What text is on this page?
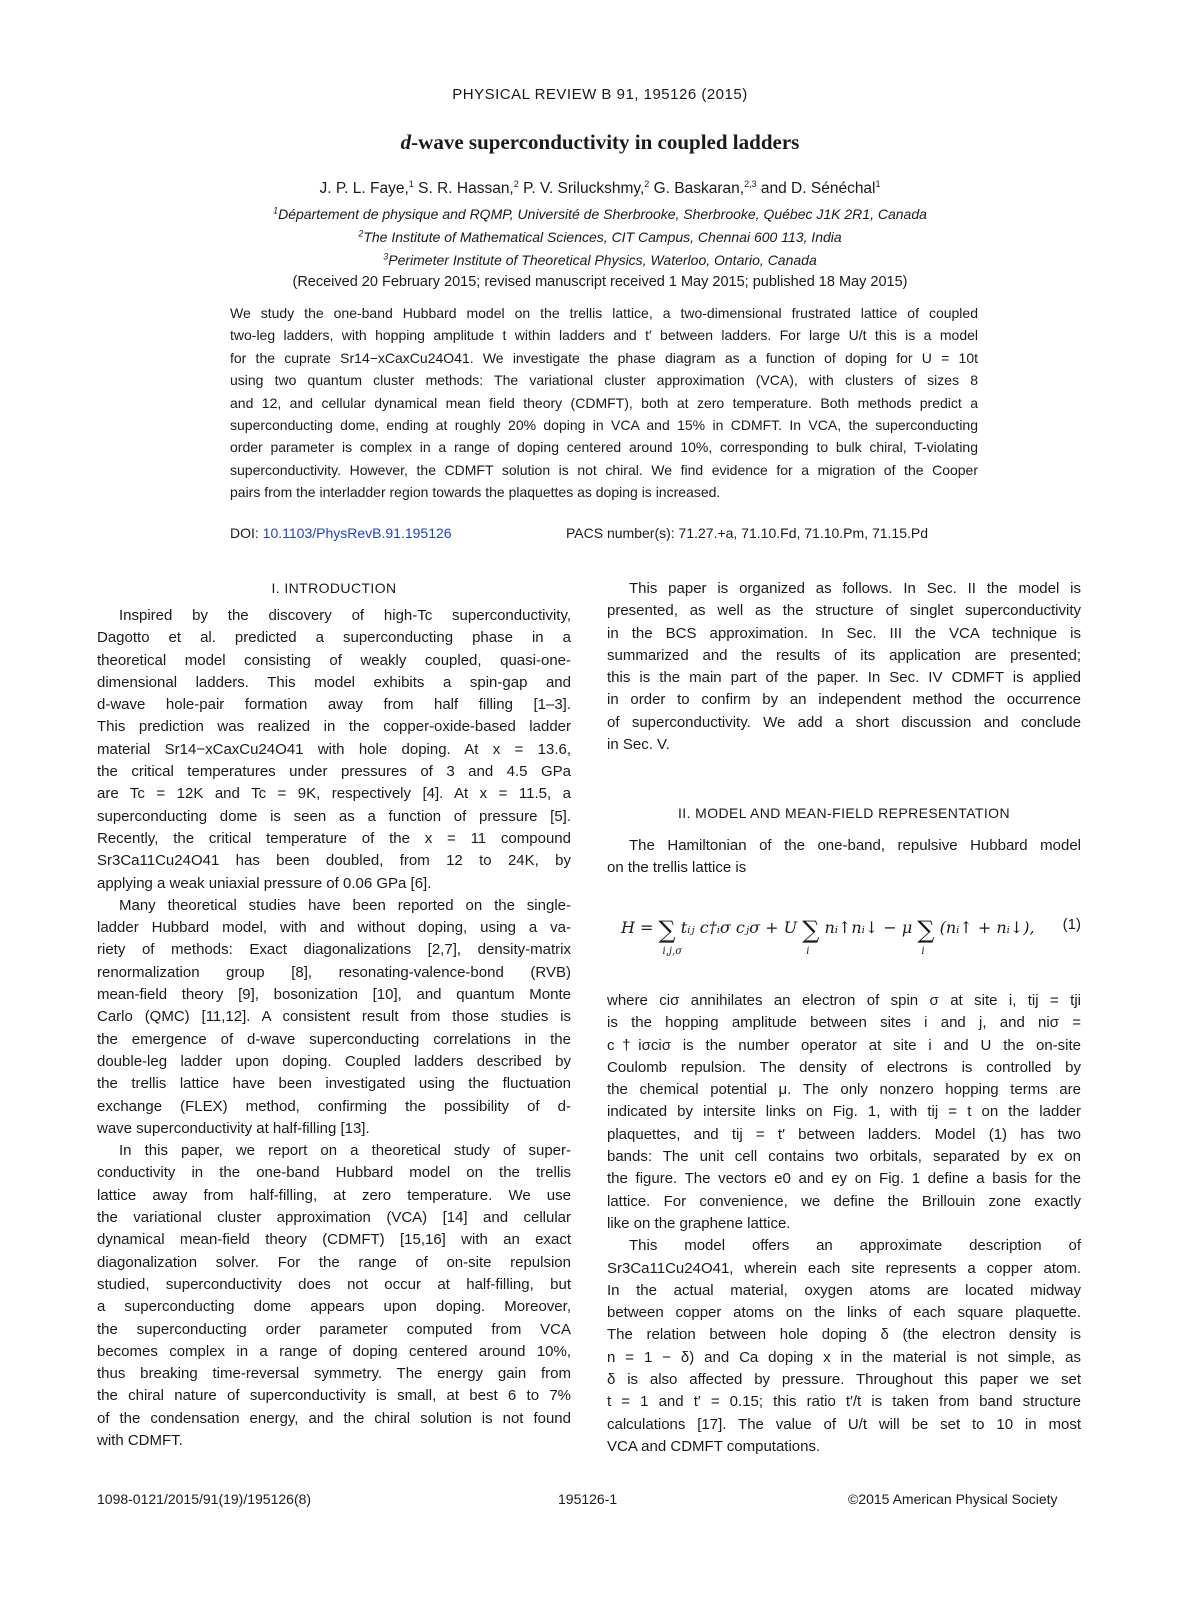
PHYSICAL REVIEW B 91, 195126 (2015)
d-wave superconductivity in coupled ladders
J. P. L. Faye,$^1$ S. R. Hassan,$^2$ P. V. Sriluckshmy,$^2$ G. Baskaran,$^{2,3}$ and D. Sénéchal$^1$
$^1$Département de physique and RQMP, Université de Sherbrooke, Sherbrooke, Québec J1K 2R1, Canada
$^2$The Institute of Mathematical Sciences, CIT Campus, Chennai 600 113, India
$^3$Perimeter Institute of Theoretical Physics, Waterloo, Ontario, Canada
(Received 20 February 2015; revised manuscript received 1 May 2015; published 18 May 2015)
We study the one-band Hubbard model on the trellis lattice, a two-dimensional frustrated lattice of coupled
two-leg ladders, with hopping amplitude t within ladders and t′ between ladders. For large U/t this is a model
for the cuprate Sr14−xCaxCu24O41. We investigate the phase diagram as a function of doping for U = 10t
using two quantum cluster methods: The variational cluster approximation (VCA), with clusters of sizes 8
and 12, and cellular dynamical mean field theory (CDMFT), both at zero temperature. Both methods predict a
superconducting dome, ending at roughly 20% doping in VCA and 15% in CDMFT. In VCA, the superconducting
order parameter is complex in a range of doping centered around 10%, corresponding to bulk chiral, T-violating
superconductivity. However, the CDMFT solution is not chiral. We find evidence for a migration of the Cooper
pairs from the interladder region towards the plaquettes as doping is increased.
DOI: 10.1103/PhysRevB.91.195126	PACS number(s): 71.27.+a, 71.10.Fd, 71.10.Pm, 71.15.Pd
I. INTRODUCTION
II. MODEL AND MEAN-FIELD REPRESENTATION
Inspired by the discovery of high-Tc superconductivity,
Dagotto et al. predicted a superconducting phase in a
theoretical model consisting of weakly coupled, quasi-one-
dimensional ladders. This model exhibits a spin-gap and
d-wave hole-pair formation away from half filling [1–3].
This prediction was realized in the copper-oxide-based ladder
material Sr14−xCaxCu24O41 with hole doping. At x = 13.6,
the critical temperatures under pressures of 3 and 4.5 GPa
are Tc = 12K and Tc = 9K, respectively [4]. At x = 11.5, a
superconducting dome is seen as a function of pressure [5].
Recently, the critical temperature of the x = 11 compound
Sr3Ca11Cu24O41 has been doubled, from 12 to 24K, by
applying a weak uniaxial pressure of 0.06 GPa [6].
Many theoretical studies have been reported on the single-
ladder Hubbard model, with and without doping, using a va-
riety of methods: Exact diagonalizations [2,7], density-matrix
renormalization group [8], resonating-valence-bond (RVB)
mean-field theory [9], bosonization [10], and quantum Monte
Carlo (QMC) [11,12]. A consistent result from those studies is
the emergence of d-wave superconducting correlations in the
double-leg ladder upon doping. Coupled ladders described by
the trellis lattice have been investigated using the fluctuation
exchange (FLEX) method, confirming the possibility of d-
wave superconductivity at half-filling [13].
In this paper, we report on a theoretical study of super-
conductivity in the one-band Hubbard model on the trellis
lattice away from half-filling, at zero temperature. We use
the variational cluster approximation (VCA) [14] and cellular
dynamical mean-field theory (CDMFT) [15,16] with an exact
diagonalization solver. For the range of on-site repulsion
studied, superconductivity does not occur at half-filling, but
a superconducting dome appears upon doping. Moreover,
the superconducting order parameter computed from VCA
becomes complex in a range of doping centered around 10%,
thus breaking time-reversal symmetry. The energy gain from
the chiral nature of superconductivity is small, at best 6 to 7%
of the condensation energy, and the chiral solution is not found
with CDMFT.
This paper is organized as follows. In Sec. II the model is
presented, as well as the structure of singlet superconductivity
in the BCS approximation. In Sec. III the VCA technique is
summarized and the results of its application are presented;
this is the main part of the paper. In Sec. IV CDMFT is applied
in order to confirm by an independent method the occurrence
of superconductivity. We add a short discussion and conclude
in Sec. V.
The Hamiltonian of the one-band, repulsive Hubbard model
on the trellis lattice is
H = ∑
i,j,σ
tᵢⱼ c†ᵢσ cⱼσ + U ∑
i
nᵢ↑nᵢ↓ − μ ∑
i
(nᵢ↑ + nᵢ↓), (1)
where ciσ annihilates an electron of spin σ at site i, tij = tji
is the hopping amplitude between sites i and j, and niσ =
c†iσciσ is the number operator at site i and U the on-site
Coulomb repulsion. The density of electrons is controlled by
the chemical potential μ. The only nonzero hopping terms are
indicated by intersite links on Fig. 1, with tij = t on the ladder
plaquettes, and tij = t′ between ladders. Model (1) has two
bands: The unit cell contains two orbitals, separated by ex on
the figure. The vectors e0 and ey on Fig. 1 define a basis for the
lattice. For convenience, we define the Brillouin zone exactly
like on the graphene lattice.
This model offers an approximate description of
Sr3Ca11Cu24O41, wherein each site represents a copper atom.
In the actual material, oxygen atoms are located midway
between copper atoms on the links of each square plaquette.
The relation between hole doping δ (the electron density is
n = 1 − δ) and Ca doping x in the material is not simple, as
δ is also affected by pressure. Throughout this paper we set
t = 1 and t′ = 0.15; this ratio t′/t is taken from band structure
calculations [17]. The value of U/t will be set to 10 in most
VCA and CDMFT computations.
1098-0121/2015/91(19)/195126(8)	195126-1	©2015 American Physical Society
